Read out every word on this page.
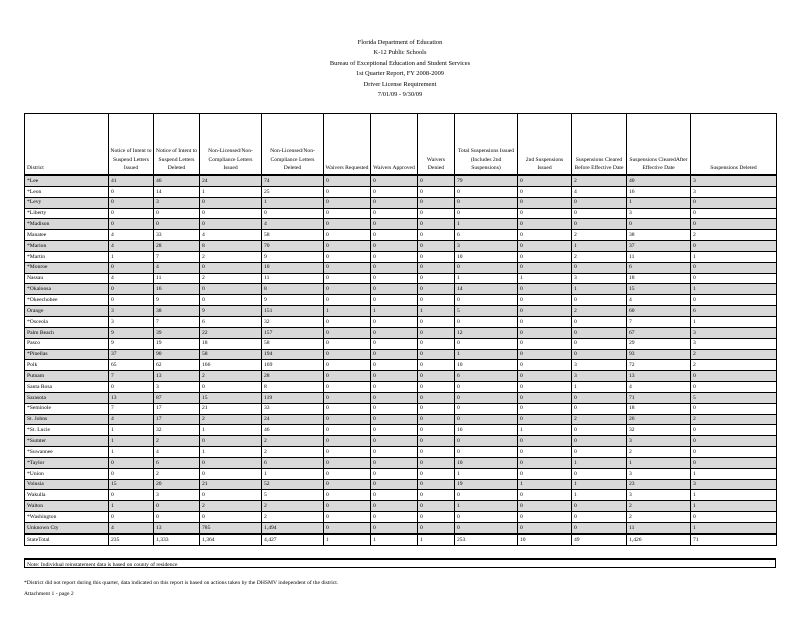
Florida Department of Education
K-12 Public Schools
Bureau of Exceptional Education and Student Services
1st Quarter Report, FY 2008-2009
Driver License Requirement
7/01/09 - 9/30/09
District	Notice of Intent to Suspend Letters Issued	Notice of Intent to Suspend Letters Deleted	Non-Licensed/Non-Compliance Letters Issued	Non-Licensed/Non-Compliance Letters Deleted	Waivers Requested	Waivers Approved	Waivers Denied	Total Suspensions Issued (Includes 2nd Suspensions)	2nd Suspensions Issued	Suspensions Cleared Before Effective Date	Suspensions ClearedAfter Effective Date	Suspensions Deleted
*Lee	41	46	24	74	0	0	0	79	0	2	40	3
*Leon	0	14	1	25	0	0	0	0	0	4	16	3
*Levy	0	3	0	1	0	0	0	0	0	0	1	0
*Liberty	0	0	0	0	0	0	0	0	0	0	3	0
*Madison	0	0	0	4	0	0	0	1	0	0	0	0
Manatee	4	33	4	58	0	0	0	6	0	2	38	2
*Marion	4	28	8	70	0	0	0	3	0	1	37	0
*Martin	1	7	2	9	0	0	0	10	0	2	11	1
*Monroe	0	4	0	10	0	0	0	0	0	0	6	0
Nassau	4	11	2	11	0	0	0	1	1	3	18	0
*Okaloosa	0	16	0	8	0	0	0	14	0	1	15	1
*Okeechobee	0	9	0	9	0	0	0	0	0	0	4	0
Orange	3	38	9	151	1	1	1	5	0	2	60	6
*Osceola	3	7	6	32	0	0	0	0	0	0	7	1
Palm Beach	9	39	22	157	0	0	0	12	0	0	67	3
Pasco	9	19	18	58	0	0	0	0	0	0	29	3
*Pinellas	37	90	58	194	0	0	0	1	0	0	93	2
Polk	65	62	166	169	0	0	0	10	0	3	72	2
Putnam	7	13	2	28	0	0	0	6	0	3	13	0
Santa Rosa	0	3	0	8	0	0	0	0	0	1	4	0
Sarasota	13	87	15	119	0	0	0	0	0	0	71	5
*Seminole	7	17	21	33	0	0	0	0	0	0	18	0
St. Johns	4	17	2	24	0	0	0	0	0	2	26	2
*St. Lucie	1	32	1	46	0	0	0	16	1	0	32	0
*Sumter	1	2	0	2	0	0	0	0	0	0	3	0
*Suwannee	1	4	1	2	0	0	0	0	0	0	2	0
*Taylor	0	6	0	6	0	0	0	10	0	1	1	0
*Union	0	2	0	1	0	0	0	1	0	0	3	1
Volusia	15	20	21	52	0	0	0	19	1	1	23	3
Wakulla	0	3	0	5	0	0	0	0	0	1	3	1
Walton	1	0	2	2	0	0	0	1	0	0	2	1
*Washington	0	0	0	2	0	0	0	0	0	0	2	0
Unknown Cty	4	13	785	1,494	0	0	0	0	0	0	11	1
StateTotal	235	1,333	1,364	4,427	1	1	1	253	10	49	1,426	71
Note: Individual reinstatement data is based on county of residence
*District did not report during this quarter, data indicated on this report is based on actions taken by the DHSMV independent of the district.
Attachment 1 - page 2
